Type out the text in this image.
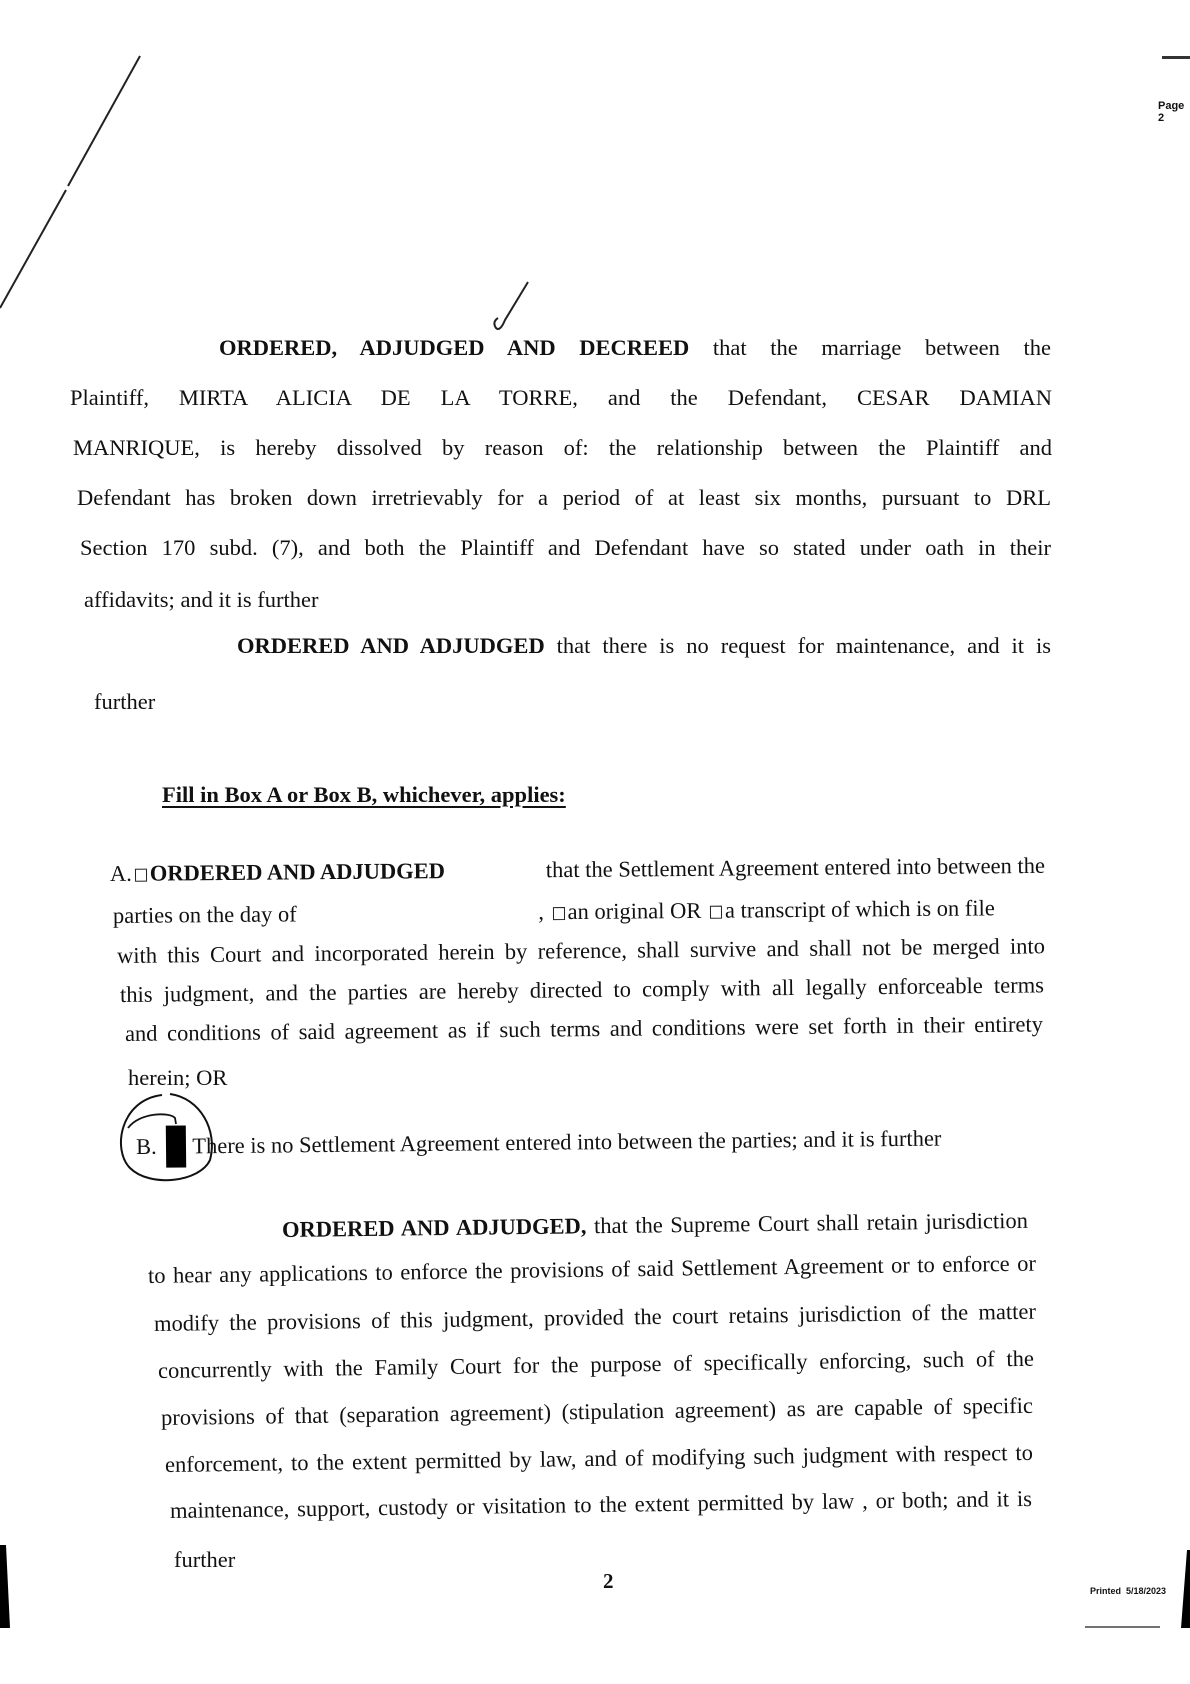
Page 2
ORDERED, ADJUDGED AND DECREED that the marriage between the
Plaintiff, MIRTA ALICIA DE LA TORRE, and the Defendant, CESAR DAMIAN
MANRIQUE, is hereby dissolved by reason of: the relationship between the Plaintiff and
Defendant has broken down irretrievably for a period of at least six months, pursuant to DRL
Section 170 subd. (7), and both the Plaintiff and Defendant have so stated under oath in their
affidavits; and it is further
ORDERED AND ADJUDGED that there is no request for maintenance, and it is
further
Fill in Box A or Box B, whichever, applies:
A. ORDERED AND ADJUDGED	that the Settlement Agreement entered into between the
parties on the day of	, an original OR a transcript of which is on file
with this Court and incorporated herein by reference, shall survive and shall not be merged into
this judgment, and the parties are hereby directed to comply with all legally enforceable terms
and conditions of said agreement as if such terms and conditions were set forth in their entirety
herein; OR
B. There is no Settlement Agreement entered into between the parties; and it is further
ORDERED AND ADJUDGED, that the Supreme Court shall retain jurisdiction
to hear any applications to enforce the provisions of said Settlement Agreement or to enforce or
modify the provisions of this judgment, provided the court retains jurisdiction of the matter
concurrently with the Family Court for the purpose of specifically enforcing, such of the
provisions of that (separation agreement) (stipulation agreement) as are capable of specific
enforcement, to the extent permitted by law, and of modifying such judgment with respect to
maintenance, support, custody or visitation to the extent permitted by law , or both; and it is
further
2	Printed  5/18/2023
